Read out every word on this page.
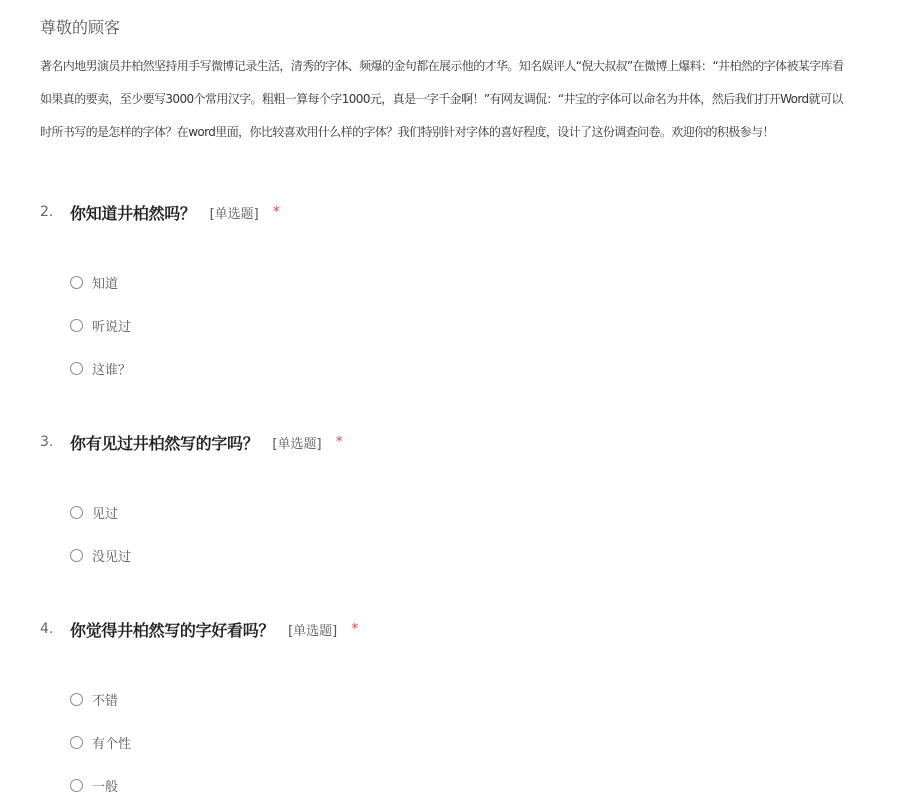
尊敬的顾客
著名内地男演员井柏然坚持用手写微博记录生活，清秀的字体、频爆的金句都在展示他的才华。知名娱评人“倪大叔叔”在微博上爆料：“井柏然的字体被某字库看
如果真的要卖，至少要写3000个常用汉字。粗粗一算每个字1000元，真是一字千金啊！”有网友调侃：“井宝的字体可以命名为井体，然后我们打开Word就可以
时所书写的是怎样的字体？在word里面，你比较喜欢用什么样的字体？我们特别针对字体的喜好程度，设计了这份调查问卷。欢迎你的积极参与！
2.	你知道井柏然吗？ [单选题] *
知道
听说过
这谁？
3.	你有见过井柏然写的字吗？ [单选题] *
见过
没见过
4.	你觉得井柏然写的字好看吗？ [单选题] *
不错
有个性
一般
